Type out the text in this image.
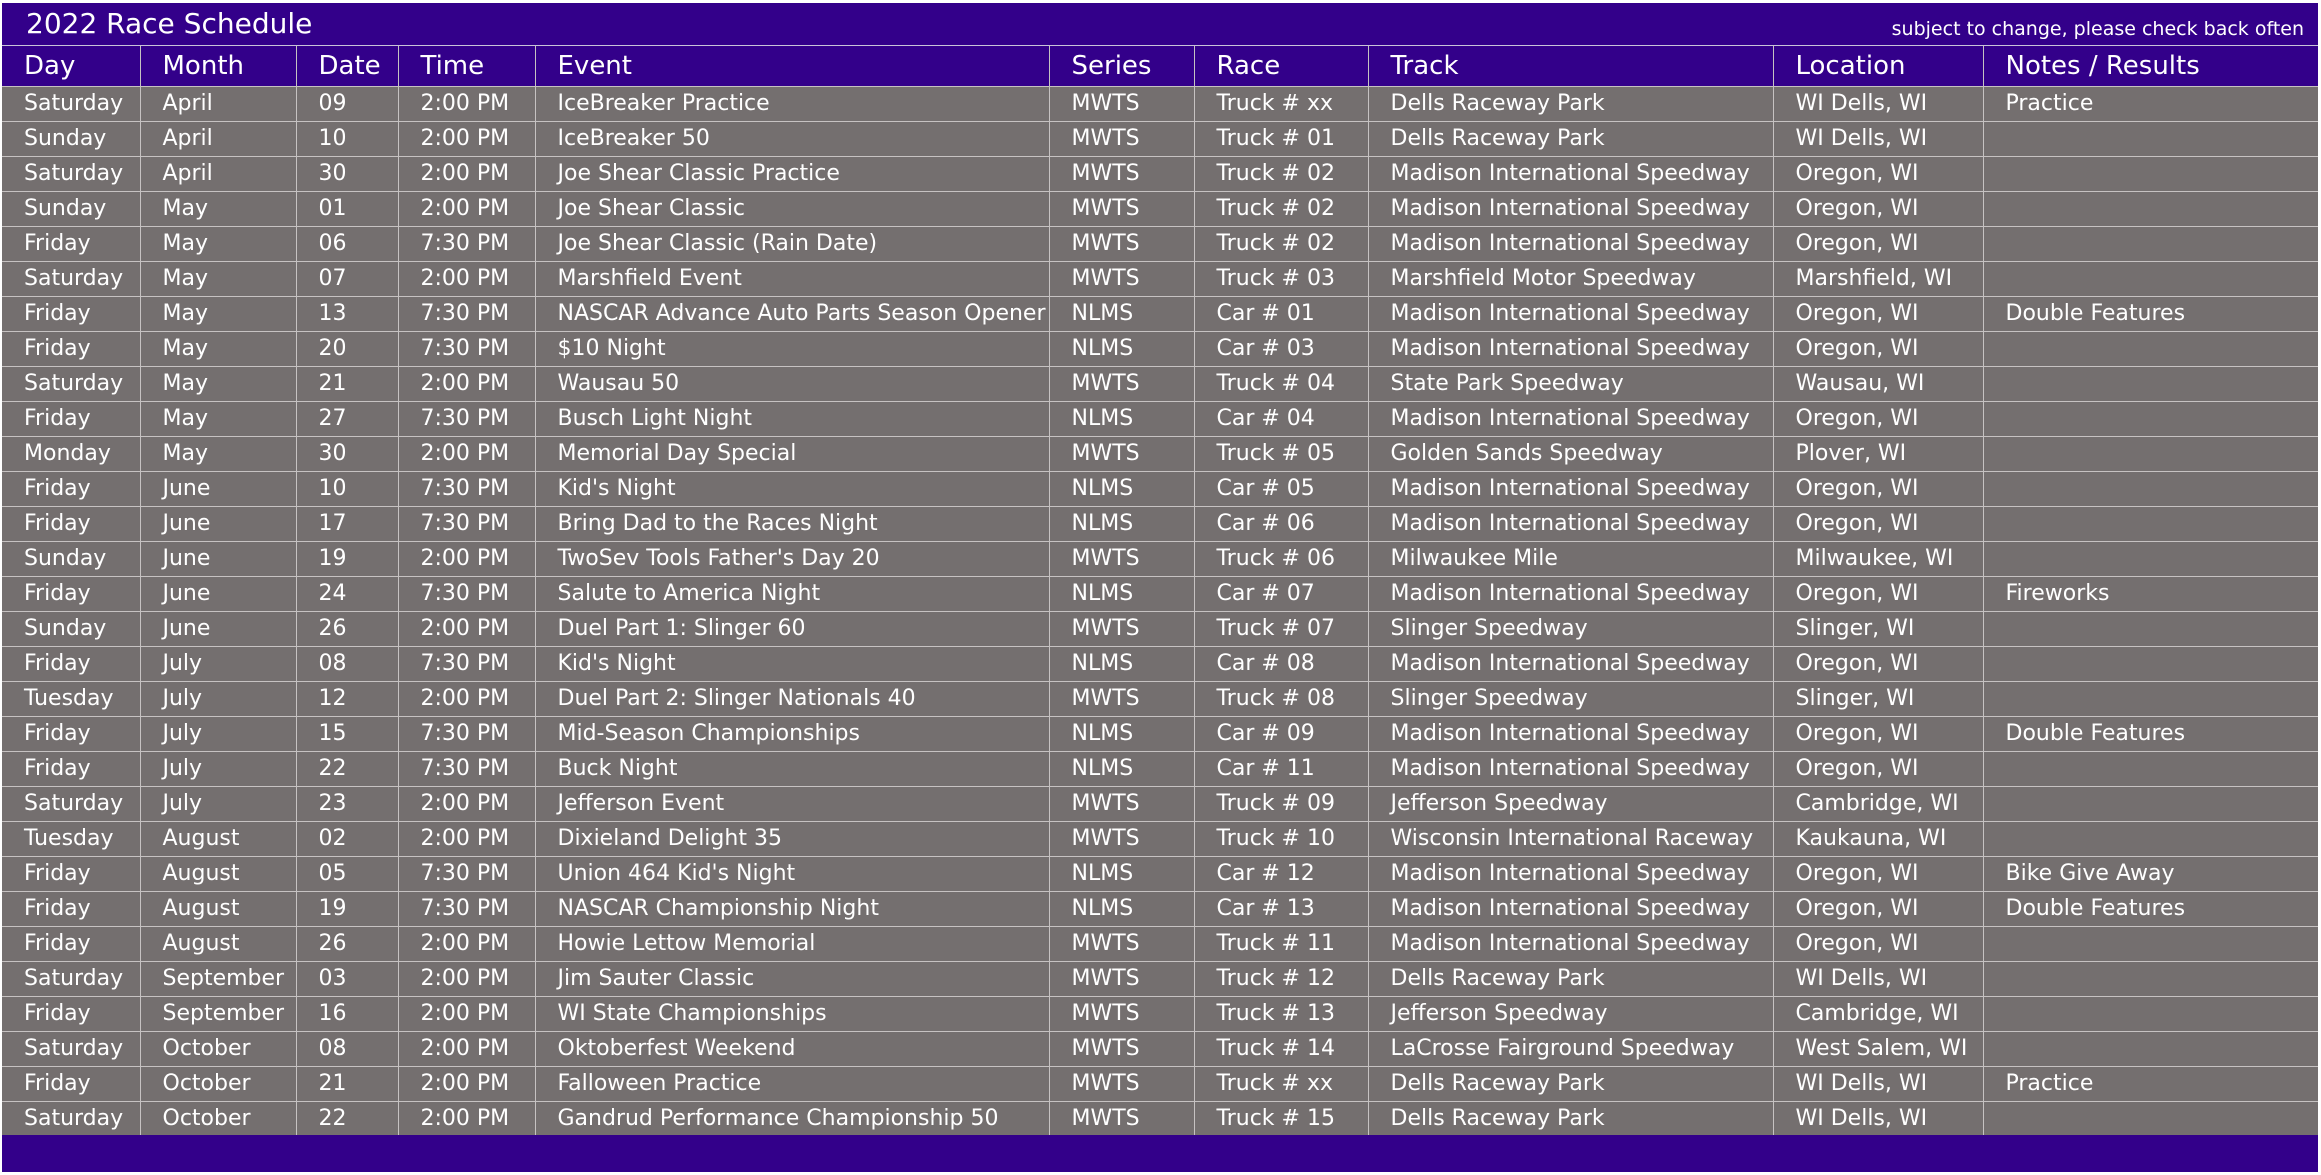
2022 Race Schedule	subject to change, please check back often
Day	Month	Date	Time	Event	Series	Race	Track	Location	Notes / Results
Saturday	April	09	2:00 PM	IceBreaker Practice	MWTS	Truck # xx	Dells Raceway Park	WI Dells, WI	Practice
Sunday	April	10	2:00 PM	IceBreaker 50	MWTS	Truck # 01	Dells Raceway Park	WI Dells, WI	
Saturday	April	30	2:00 PM	Joe Shear Classic Practice	MWTS	Truck # 02	Madison International Speedway	Oregon, WI	
Sunday	May	01	2:00 PM	Joe Shear Classic	MWTS	Truck # 02	Madison International Speedway	Oregon, WI	
Friday	May	06	7:30 PM	Joe Shear Classic (Rain Date)	MWTS	Truck # 02	Madison International Speedway	Oregon, WI	
Saturday	May	07	2:00 PM	Marshfield Event	MWTS	Truck # 03	Marshfield Motor Speedway	Marshfield, WI	
Friday	May	13	7:30 PM	NASCAR Advance Auto Parts Season Opener	NLMS	Car # 01	Madison International Speedway	Oregon, WI	Double Features
Friday	May	20	7:30 PM	$10 Night	NLMS	Car # 03	Madison International Speedway	Oregon, WI	
Saturday	May	21	2:00 PM	Wausau 50	MWTS	Truck # 04	State Park Speedway	Wausau, WI	
Friday	May	27	7:30 PM	Busch Light Night	NLMS	Car # 04	Madison International Speedway	Oregon, WI	
Monday	May	30	2:00 PM	Memorial Day Special	MWTS	Truck # 05	Golden Sands Speedway	Plover, WI	
Friday	June	10	7:30 PM	Kid's Night	NLMS	Car # 05	Madison International Speedway	Oregon, WI	
Friday	June	17	7:30 PM	Bring Dad to the Races Night	NLMS	Car # 06	Madison International Speedway	Oregon, WI	
Sunday	June	19	2:00 PM	TwoSev Tools Father's Day 20	MWTS	Truck # 06	Milwaukee Mile	Milwaukee, WI	
Friday	June	24	7:30 PM	Salute to America Night	NLMS	Car # 07	Madison International Speedway	Oregon, WI	Fireworks
Sunday	June	26	2:00 PM	Duel Part 1: Slinger 60	MWTS	Truck # 07	Slinger Speedway	Slinger, WI	
Friday	July	08	7:30 PM	Kid's Night	NLMS	Car # 08	Madison International Speedway	Oregon, WI	
Tuesday	July	12	2:00 PM	Duel Part 2: Slinger Nationals 40	MWTS	Truck # 08	Slinger Speedway	Slinger, WI	
Friday	July	15	7:30 PM	Mid-Season Championships	NLMS	Car # 09	Madison International Speedway	Oregon, WI	Double Features
Friday	July	22	7:30 PM	Buck Night	NLMS	Car # 11	Madison International Speedway	Oregon, WI	
Saturday	July	23	2:00 PM	Jefferson Event	MWTS	Truck # 09	Jefferson Speedway	Cambridge, WI	
Tuesday	August	02	2:00 PM	Dixieland Delight 35	MWTS	Truck # 10	Wisconsin International Raceway	Kaukauna, WI	
Friday	August	05	7:30 PM	Union 464 Kid's Night	NLMS	Car # 12	Madison International Speedway	Oregon, WI	Bike Give Away
Friday	August	19	7:30 PM	NASCAR Championship Night	NLMS	Car # 13	Madison International Speedway	Oregon, WI	Double Features
Friday	August	26	2:00 PM	Howie Lettow Memorial	MWTS	Truck # 11	Madison International Speedway	Oregon, WI	
Saturday	September	03	2:00 PM	Jim Sauter Classic	MWTS	Truck # 12	Dells Raceway Park	WI Dells, WI	
Friday	September	16	2:00 PM	WI State Championships	MWTS	Truck # 13	Jefferson Speedway	Cambridge, WI	
Saturday	October	08	2:00 PM	Oktoberfest Weekend	MWTS	Truck # 14	LaCrosse Fairground Speedway	West Salem, WI	
Friday	October	21	2:00 PM	Falloween Practice	MWTS	Truck # xx	Dells Raceway Park	WI Dells, WI	Practice
Saturday	October	22	2:00 PM	Gandrud Performance Championship 50	MWTS	Truck # 15	Dells Raceway Park	WI Dells, WI	
